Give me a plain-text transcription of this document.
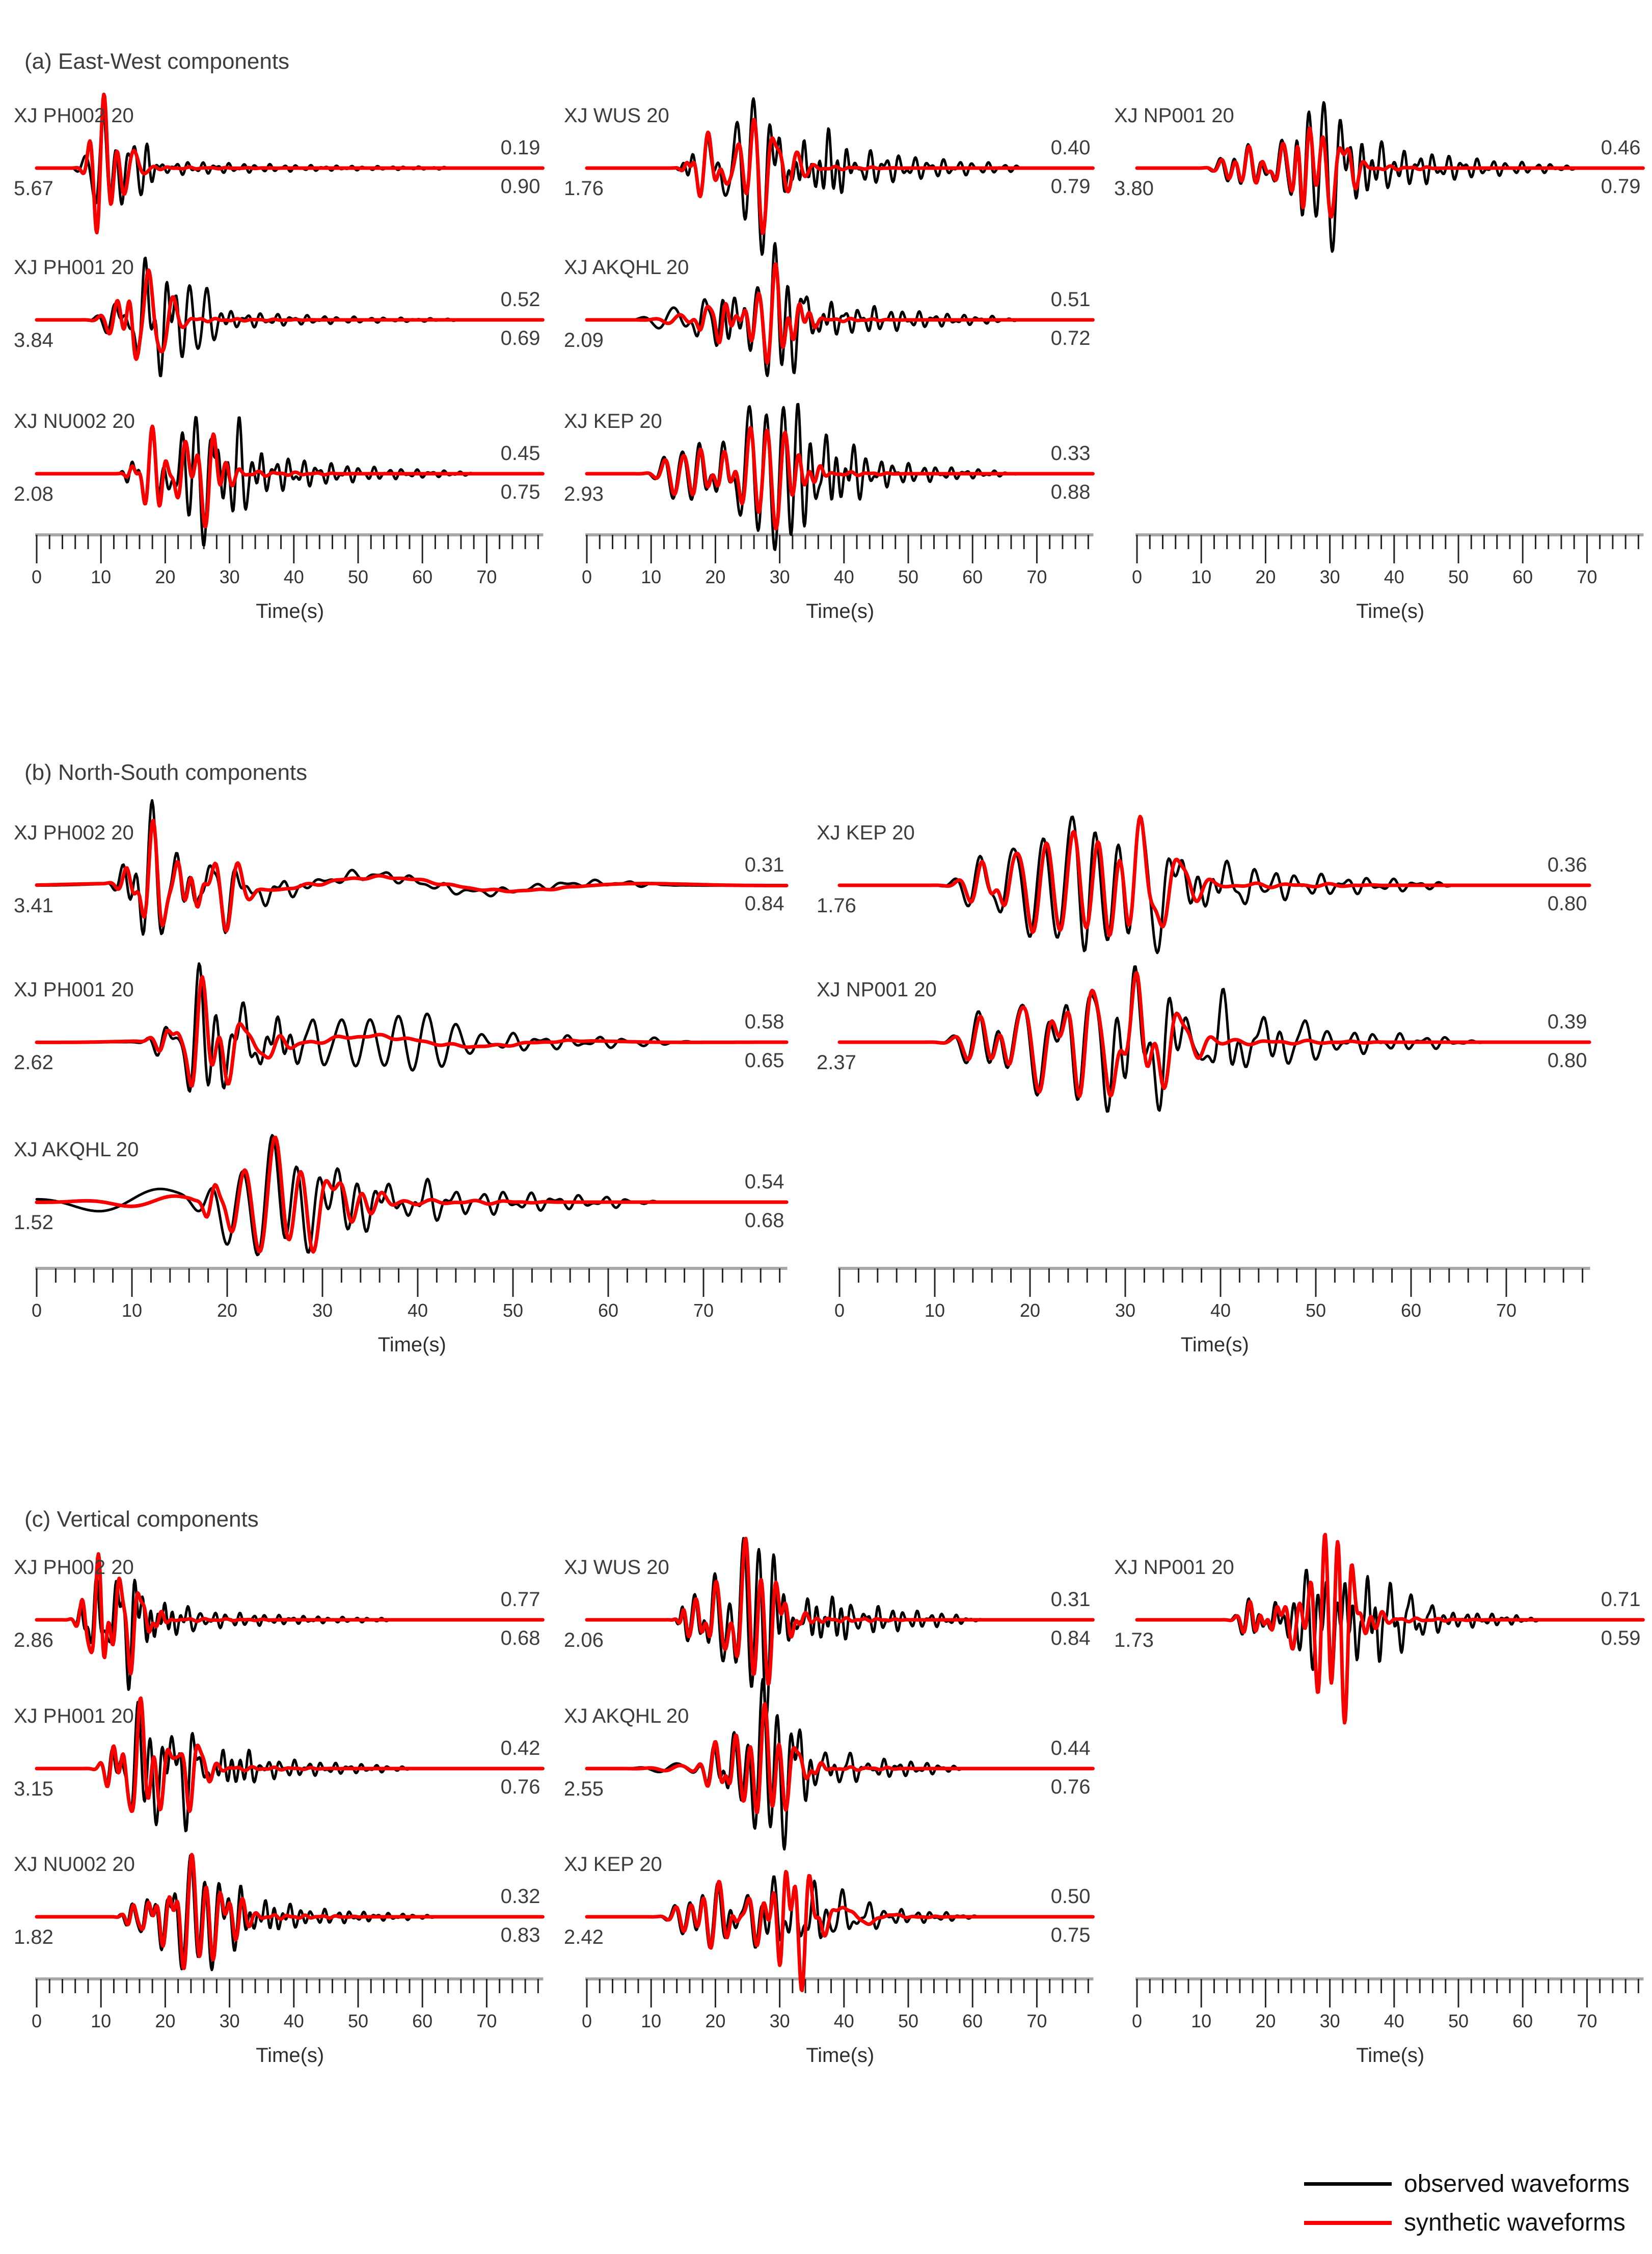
(a) East-West components
(b) North-South components
(c) Vertical components
observed waveforms
synthetic waveforms
0	10 20 30 40 50 60 70
Time(s)
0	10 20 30 40 50 60 70
Time(s)
0	10 20 30 40 50 60 70
Time(s)
XJ PH002 20
5.67
0.19
0.90
XJ PH001 20
3.84
0.52
0.69
XJ NU002 20
2.08
0.45
0.75
XJ WUS 20
1.76
0.40
0.79
XJ AKQHL 20
2.09
0.51
0.72
XJ KEP 20
2.93
0.33
0.88
XJ NP001 20
3.80
0.46
0.79
0	10	20	30	40	50	60	70
Time(s)
0	10	20	30	40	50	60	70
Time(s)
XJ PH002 20
3.41
0.31
0.84
XJ PH001 20
2.62
0.58
0.65
XJ AKQHL 20
1.52
0.54
0.68
XJ KEP 20
1.76
0.36
0.80
XJ NP001 20
2.37
0.39
0.80
0	10 20 30 40 50 60 70
Time(s)
0	10 20 30 40 50 60 70
Time(s)
0	10 20 30 40 50 60 70
Time(s)
XJ PH002 20
2.86
0.77
0.68
XJ PH001 20
3.15
0.42
0.76
XJ NU002 20
1.82
0.32
0.83
XJ WUS 20
2.06
0.31
0.84
XJ AKQHL 20
2.55
0.44
0.76
XJ KEP 20
2.42
0.50
0.75
XJ NP001 20
1.73
0.71
0.59
